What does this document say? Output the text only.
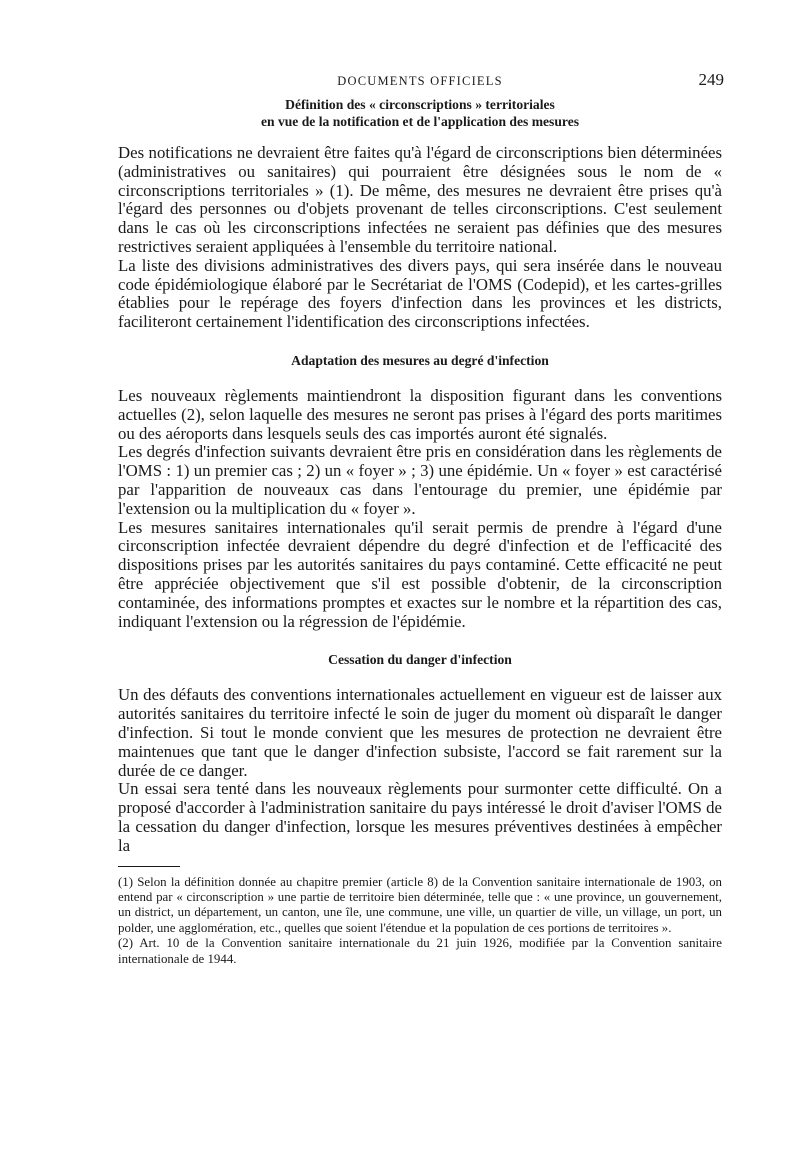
DOCUMENTS OFFICIELS	249
Définition des « circonscriptions » territoriales
en vue de la notification et de l'application des mesures

Des notifications ne devraient être faites qu'à l'égard de circonscriptions bien déterminées (administratives ou sanitaires) qui pourraient être désignées sous le nom de « circonscriptions territoriales » (1). De même, des mesures ne devraient être prises qu'à l'égard des personnes ou d'objets provenant de telles circonscriptions. C'est seulement dans le cas où les circonscriptions infectées ne seraient pas définies que des mesures restrictives seraient appliquées à l'ensemble du territoire national.

La liste des divisions administratives des divers pays, qui sera insérée dans le nouveau code épidémiologique élaboré par le Secrétariat de l'OMS (Codepid), et les cartes-grilles établies pour le repérage des foyers d'infection dans les provinces et les districts, faciliteront certainement l'identification des circonscriptions infectées.

Adaptation des mesures au degré d'infection

Les nouveaux règlements maintiendront la disposition figurant dans les conventions actuelles (2), selon laquelle des mesures ne seront pas prises à l'égard des ports maritimes ou des aéroports dans lesquels seuls des cas importés auront été signalés.

Les degrés d'infection suivants devraient être pris en considération dans les règlements de l'OMS : 1) un premier cas ; 2) un « foyer » ; 3) une épidémie. Un « foyer » est caractérisé par l'apparition de nouveaux cas dans l'entourage du premier, une épidémie par l'extension ou la multiplication du « foyer ».

Les mesures sanitaires internationales qu'il serait permis de prendre à l'égard d'une circonscription infectée devraient dépendre du degré d'infection et de l'efficacité des dispositions prises par les autorités sanitaires du pays contaminé. Cette efficacité ne peut être appréciée objectivement que s'il est possible d'obtenir, de la circonscription contaminée, des informations promptes et exactes sur le nombre et la répartition des cas, indiquant l'extension ou la régression de l'épidémie.

Cessation du danger d'infection

Un des défauts des conventions internationales actuellement en vigueur est de laisser aux autorités sanitaires du territoire infecté le soin de juger du moment où disparaît le danger d'infection. Si tout le monde convient que les mesures de protection ne devraient être maintenues que tant que le danger d'infection subsiste, l'accord se fait rarement sur la durée de ce danger.

Un essai sera tenté dans les nouveaux règlements pour surmonter cette difficulté. On a proposé d'accorder à l'administration sanitaire du pays intéressé le droit d'aviser l'OMS de la cessation du danger d'infection, lorsque les mesures préventives destinées à empêcher la

(1) Selon la définition donnée au chapitre premier (article 8) de la Convention sanitaire internationale de 1903, on entend par « circonscription » une partie de territoire bien déterminée, telle que : « une province, un gouvernement, un district, un département, un canton, une île, une commune, une ville, un quartier de ville, un village, un port, un polder, une agglomération, etc., quelles que soient l'étendue et la population de ces portions de territoires ».

(2) Art. 10 de la Convention sanitaire internationale du 21 juin 1926, modifiée par la Convention sanitaire internationale de 1944.
